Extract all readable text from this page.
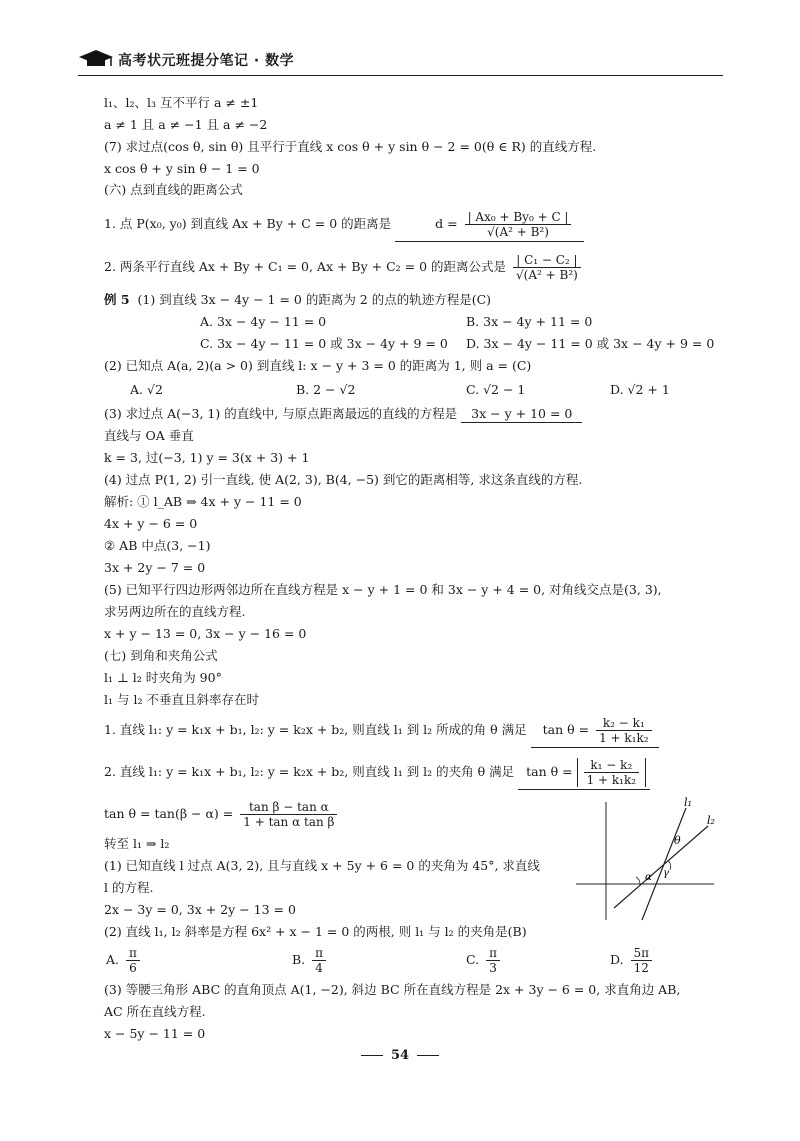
高考状元班提分笔记 · 数学
l₁、l₂、l₃ 互不平行 a ≠ ±1
a ≠ 1 且 a ≠ −1 且 a ≠ −2
(7) 求过点(cos θ, sin θ) 且平行于直线 x cos θ + y sin θ − 2 = 0(θ ∈ R) 的直线方程.
x cos θ + y sin θ − 1 = 0
(六) 点到直线的距离公式
1. 点 P(x₀, y₀) 到直线 Ax + By + C = 0 的距离是	$d = \frac{\text{| Ax₀ + By₀ + C |}}{\text{√(A² + B²)}}$
2. 两条平行直线 Ax + By + C₁ = 0, Ax + By + C₂ = 0 的距离公式是 $\frac{\text{| C₁ − C₂ |}}{\text{√(A² + B²)}}$
例 5 (1) 到直线 3x − 4y − 1 = 0 的距离为 2 的点的轨迹方程是(C)
A. 3x − 4y − 11 = 0	B. 3x − 4y + 11 = 0
C. 3x − 4y − 11 = 0 或 3x − 4y + 9 = 0 D. 3x − 4y − 11 = 0 或 3x − 4y + 9 = 0
(2) 已知点 A(a, 2)(a > 0) 到直线 l: x − y + 3 = 0 的距离为 1, 则 a = (C)
A. √2	B. 2 − √2	C. √2 − 1	D. √2 + 1
(3) 求过点 A(−3, 1) 的直线中, 与原点距离最远的直线的方程是 3x − y + 10 = 0
直线与 OA 垂直
k = 3, 过(−3, 1) y = 3(x + 3) + 1
(4) 过点 P(1, 2) 引一直线, 使 A(2, 3), B(4, −5) 到它的距离相等, 求这条直线的方程.
解析: ① l_AB ⇒ 4x + y − 11 = 0
4x + y − 6 = 0
② AB 中点(3, −1)
3x + 2y − 7 = 0
(5) 已知平行四边形两邻边所在直线方程是 x − y + 1 = 0 和 3x − y + 4 = 0, 对角线交点是(3, 3),
求另两边所在的直线方程.
x + y − 13 = 0, 3x − y − 16 = 0
(七) 到角和夹角公式
l₁ ⊥ l₂ 时夹角为 90°
l₁ 与 l₂ 不垂直且斜率存在时
1. 直线 l₁: y = k₁x + b₁, l₂: y = k₂x + b₂, 则直线 l₁ 到 l₂ 所成的角 θ 满足 $\tan \theta = \frac{\text{k₂ − k₁}}{\text{1 + k₁k₂}}$
2. 直线 l₁: y = k₁x + b₁, l₂: y = k₂x + b₂, 则直线 l₁ 到 l₂ 的夹角 θ 满足 $\tan \theta = \frac{\text{k₁ − k₂}}{\text{1 + k₁k₂}}$
$\tan \theta = \tan(\beta - \alpha) = \frac{\text{tan β − tan α}}{\text{1 + tan α tan β}}$
转至 l₁ ⇒ l₂
(1) 已知直线 l 过点 A(3, 2), 且与直线 x + 5y + 6 = 0 的夹角为 45°, 求直线
l 的方程.
2x − 3y = 0, 3x + 2y − 13 = 0
(2) 直线 l₁, l₂ 斜率是方程 6x² + x − 1 = 0 的两根, 则 l₁ 与 l₂ 的夹角是(B)
A. $\frac{\pi}{6}$	B. $\frac{\pi}{4}$	C. $\frac{\pi}{3}$	D. $\frac{5\pi}{12}$
(3) 等腰三角形 ABC 的直角顶点 A(1, −2), 斜边 BC 所在直线方程是 2x + 3y − 6 = 0, 求直角边 AB,
AC 所在直线方程.
x − 5y − 11 = 0
l₁
l₂
θ
α γ
54
